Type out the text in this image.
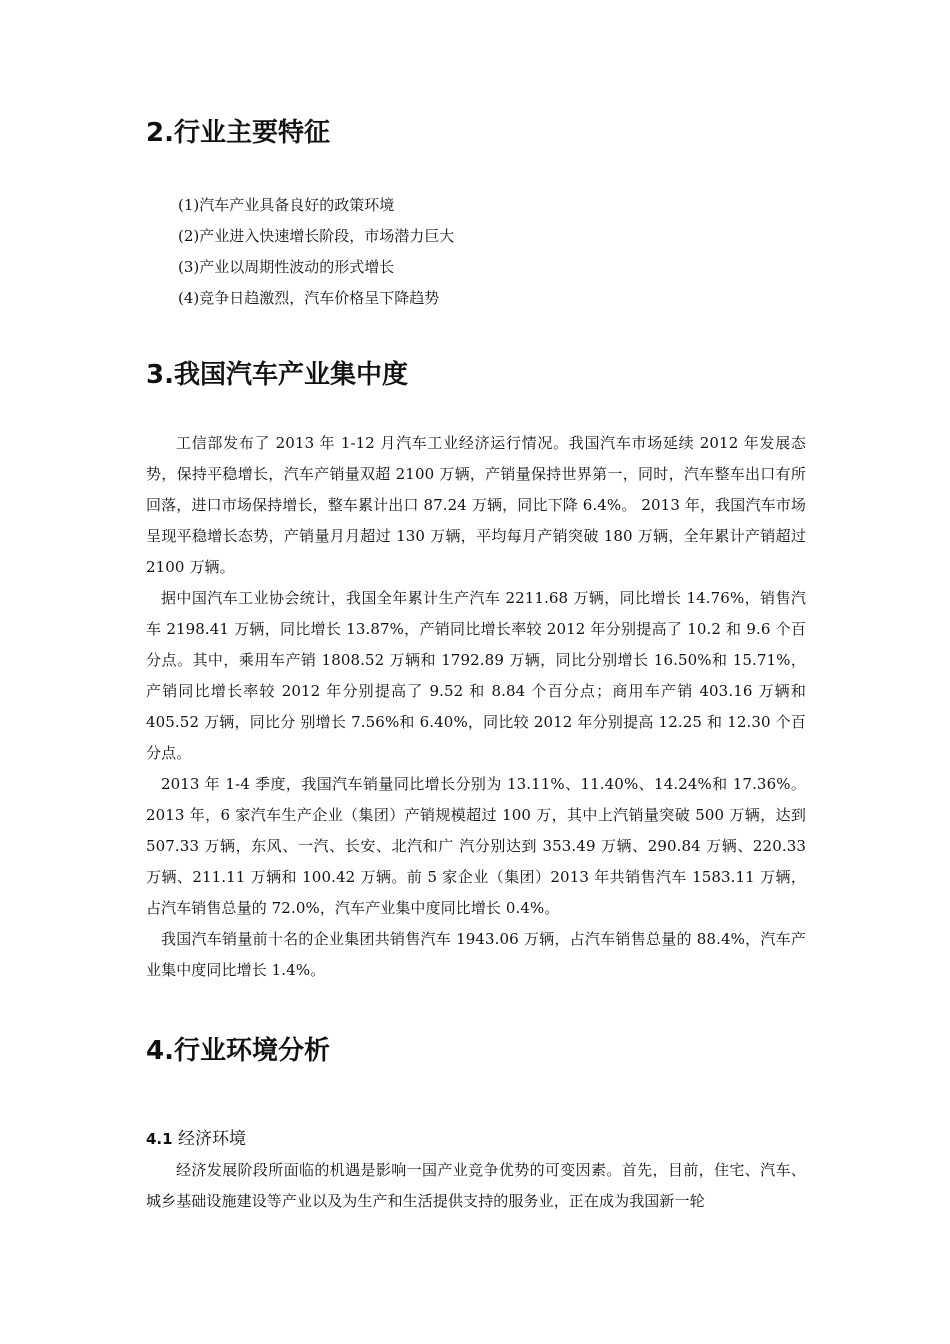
2.行业主要特征
(1)汽车产业具备良好的政策环境
(2)产业进入快速增长阶段，市场潜力巨大
(3)产业以周期性波动的形式增长
(4)竞争日趋激烈，汽车价格呈下降趋势
3.我国汽车产业集中度

工信部发布了 2013 年 1-12 月汽车工业经济运行情况。我国汽车市场延续 2012 年发展态势，保持平稳增长，汽车产销量双超 2100 万辆，产销量保持世界第一，同时，汽车整车出口有所回落，进口市场保持增长，整车累计出口 87.24 万辆，同比下降 6.4%。 2013 年，我国汽车市场呈现平稳增长态势，产销量月月超过 130 万辆，平均每月产销突破 180 万辆，全年累计产销超过 2100 万辆。

据中国汽车工业协会统计，我国全年累计生产汽车 2211.68 万辆，同比增长 14.76%，销售汽车 2198.41 万辆，同比增长 13.87%，产销同比增长率较 2012 年分别提高了 10.2 和 9.6 个百分点。其中，乘用车产销 1808.52 万辆和 1792.89 万辆，同比分别增长 16.50%和 15.71%，产销同比增长率较 2012 年分别提高了 9.52 和 8.84 个百分点；商用车产销 403.16 万辆和 405.52 万辆，同比分 别增长 7.56%和 6.40%，同比较 2012 年分别提高 12.25 和 12.30 个百分点。

2013 年 1-4 季度，我国汽车销量同比增长分别为 13.11%、11.40%、14.24%和 17.36%。2013 年，6 家汽车生产企业（集团）产销规模超过 100 万，其中上汽销量突破 500 万辆，达到 507.33 万辆，东风、一汽、长安、北汽和广 汽分别达到 353.49 万辆、290.84 万辆、220.33 万辆、211.11 万辆和 100.42 万辆。前 5 家企业（集团）2013 年共销售汽车 1583.11 万辆，占汽车销售总量的 72.0%，汽车产业集中度同比增长 0.4%。

我国汽车销量前十名的企业集团共销售汽车 1943.06 万辆，占汽车销售总量的 88.4%，汽车产业集中度同比增长 1.4%。

4.行业环境分析

4.1 经济环境

经济发展阶段所面临的机遇是影响一国产业竞争优势的可变因素。首先，目前，住宅、汽车、城乡基础设施建设等产业以及为生产和生活提供支持的服务业，正在成为我国新一轮
